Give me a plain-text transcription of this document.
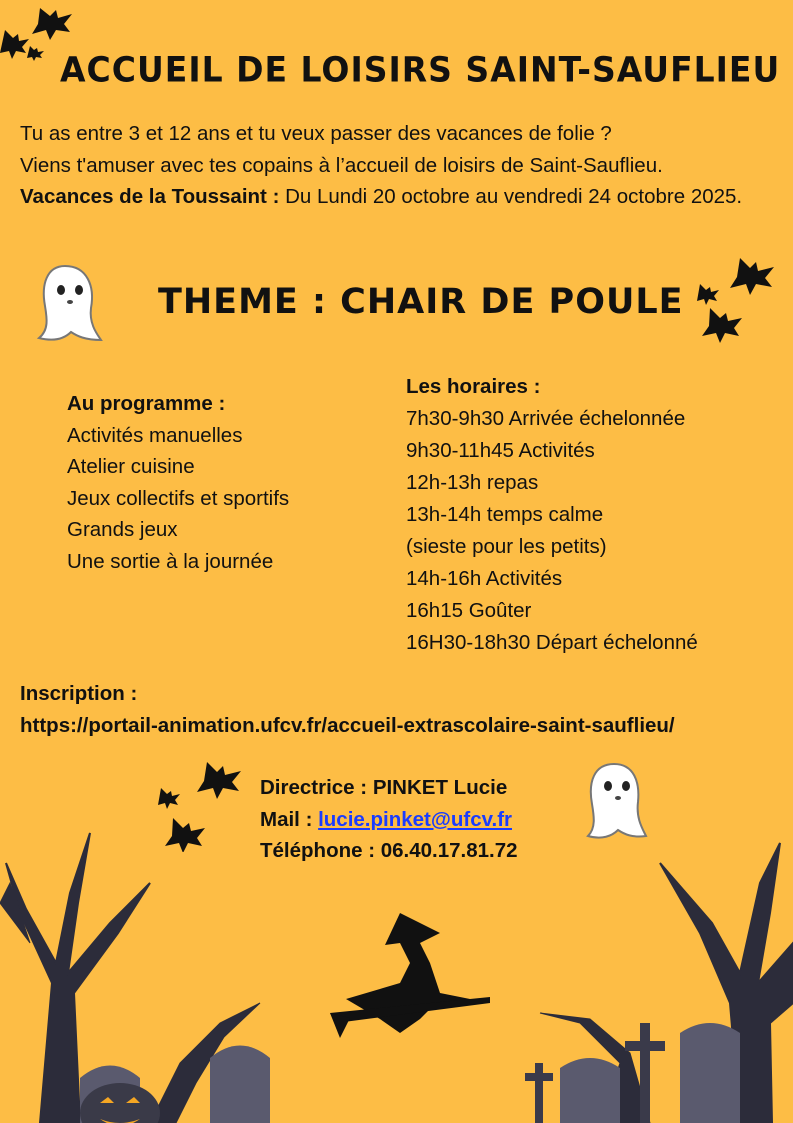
ACCUEIL DE LOISIRS SAINT-SAUFLIEU
Tu as entre 3 et 12 ans et tu veux passer des vacances de folie ?
Viens t'amuser avec tes copains à l’accueil de loisirs de Saint-Sauflieu.
Vacances de la Toussaint : Du Lundi 20 octobre au vendredi 24 octobre 2025.
THEME : CHAIR DE POULE
Au programme :
Activités manuelles
Atelier cuisine
Jeux collectifs et sportifs
Grands jeux
Une sortie à la journée
Les horaires :
7h30-9h30 Arrivée échelonnée
9h30-11h45 Activités
12h-13h repas
13h-14h temps calme
(sieste pour les petits)
14h-16h Activités
16h15 Goûter
16H30-18h30 Départ échelonné
Inscription :
https://portail-animation.ufcv.fr/accueil-extrascolaire-saint-sauflieu/
Directrice : PINKET Lucie
Mail : lucie.pinket@ufcv.fr
Téléphone : 06.40.17.81.72
